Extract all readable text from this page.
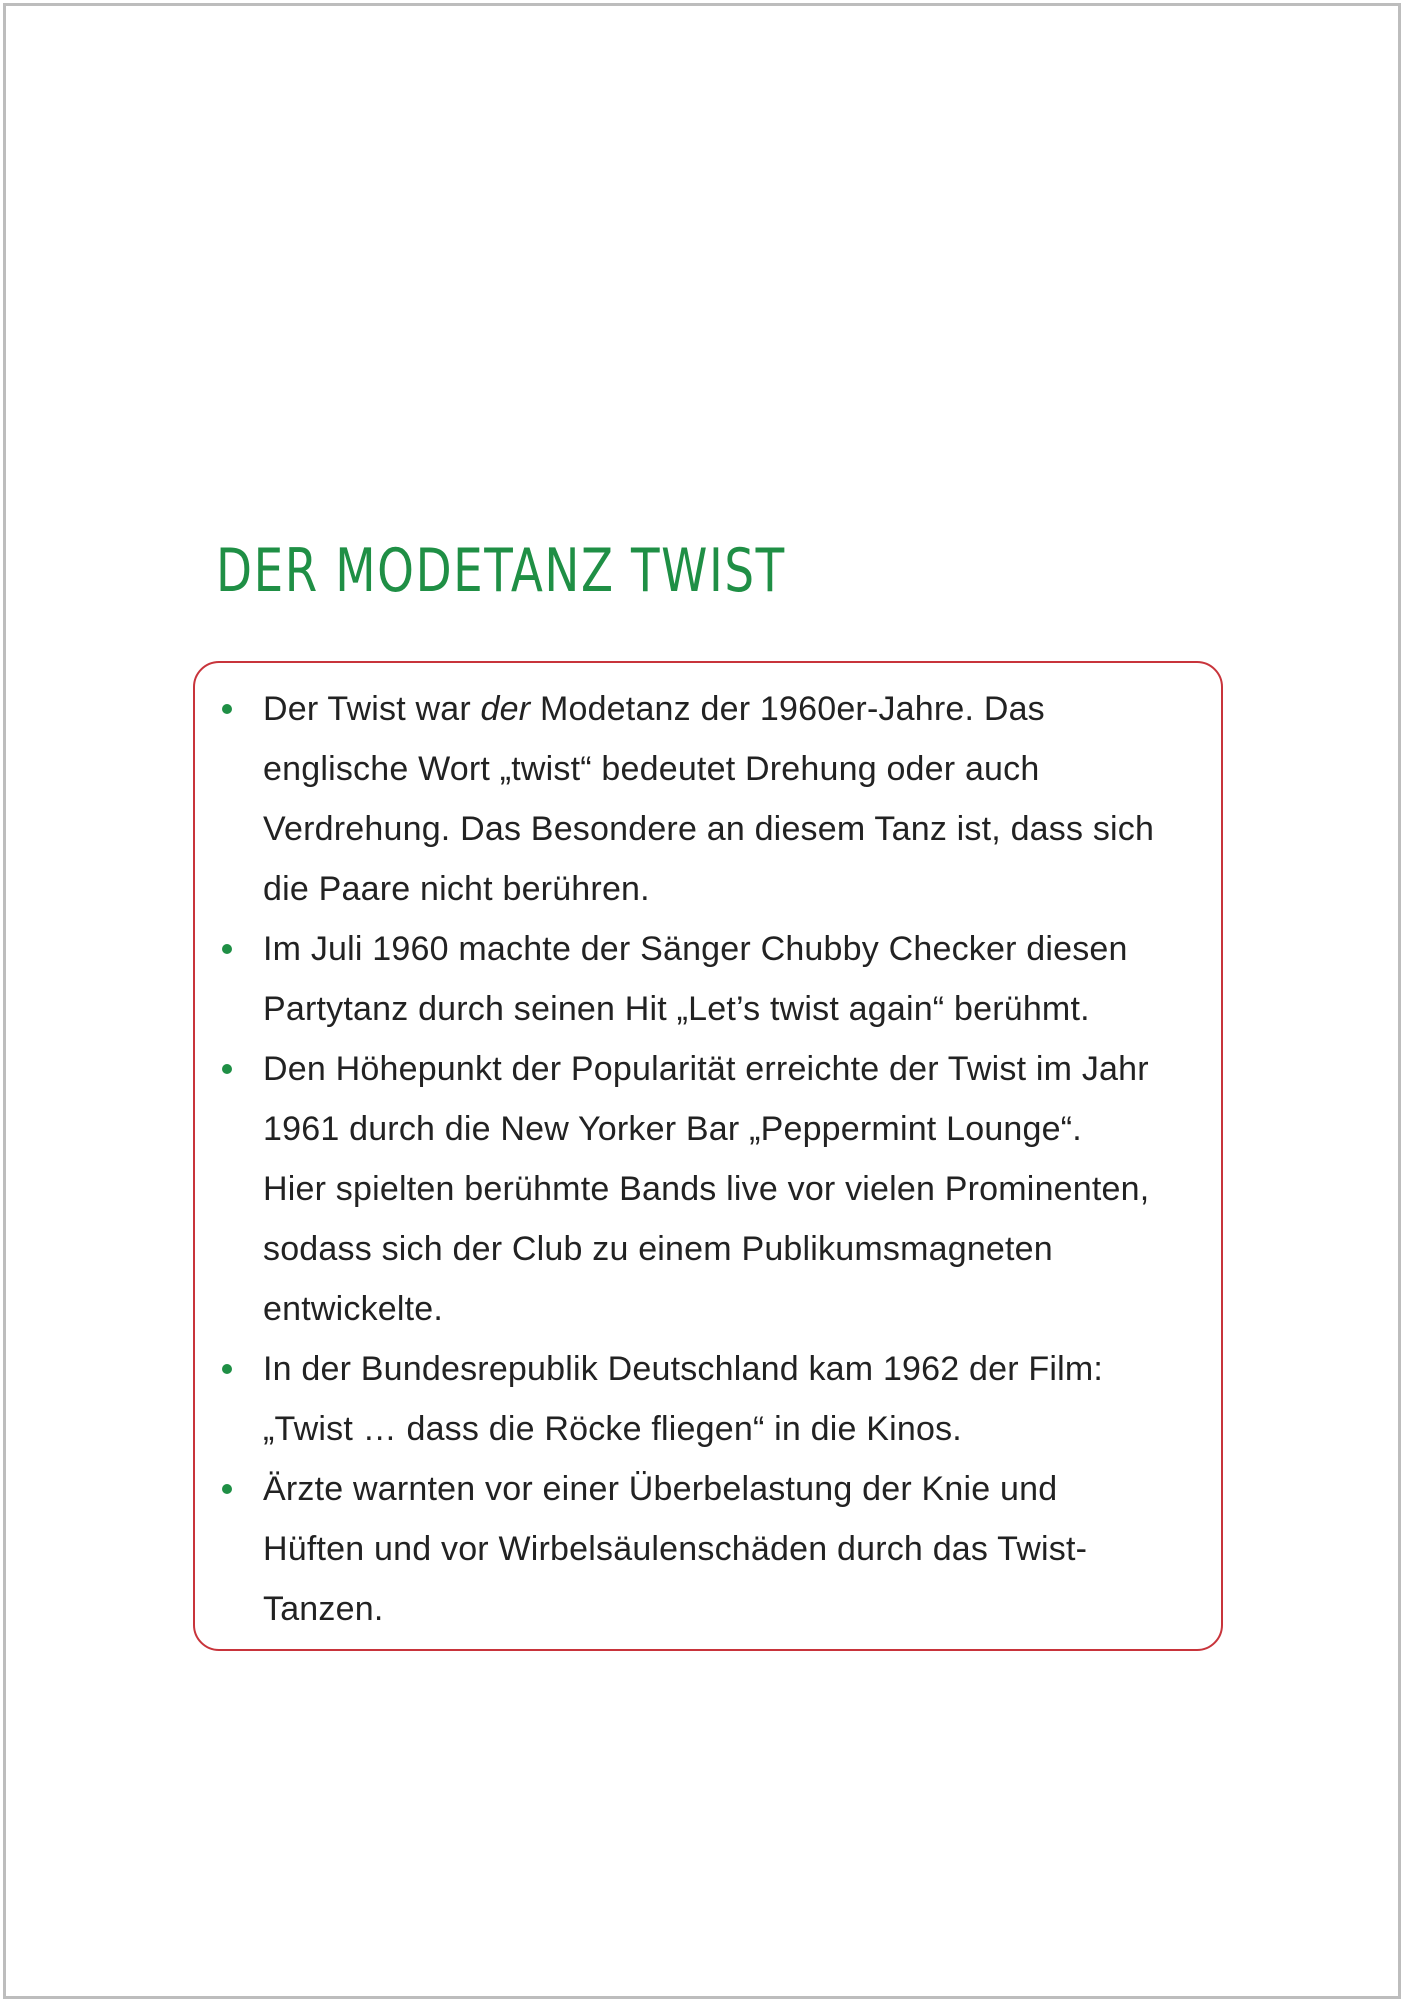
DER MODETANZ TWIST
Der Twist war der Modetanz der 1960er-Jahre. Das
englische Wort „twist“ bedeutet Drehung oder auch
Verdrehung. Das Besondere an diesem Tanz ist, dass sich
die Paare nicht berühren.
Im Juli 1960 machte der Sänger Chubby Checker diesen
Partytanz durch seinen Hit „Let’s twist again“ berühmt.
Den Höhepunkt der Popularität erreichte der Twist im Jahr
1961 durch die New Yorker Bar „Peppermint Lounge“.
Hier spielten berühmte Bands live vor vielen Prominenten,
sodass sich der Club zu einem Publikumsmagneten
entwickelte.
In der Bundesrepublik Deutschland kam 1962 der Film:
„Twist … dass die Röcke fliegen“ in die Kinos.
Ärzte warnten vor einer Überbelastung der Knie und
Hüften und vor Wirbelsäulenschäden durch das Twist-
Tanzen.
